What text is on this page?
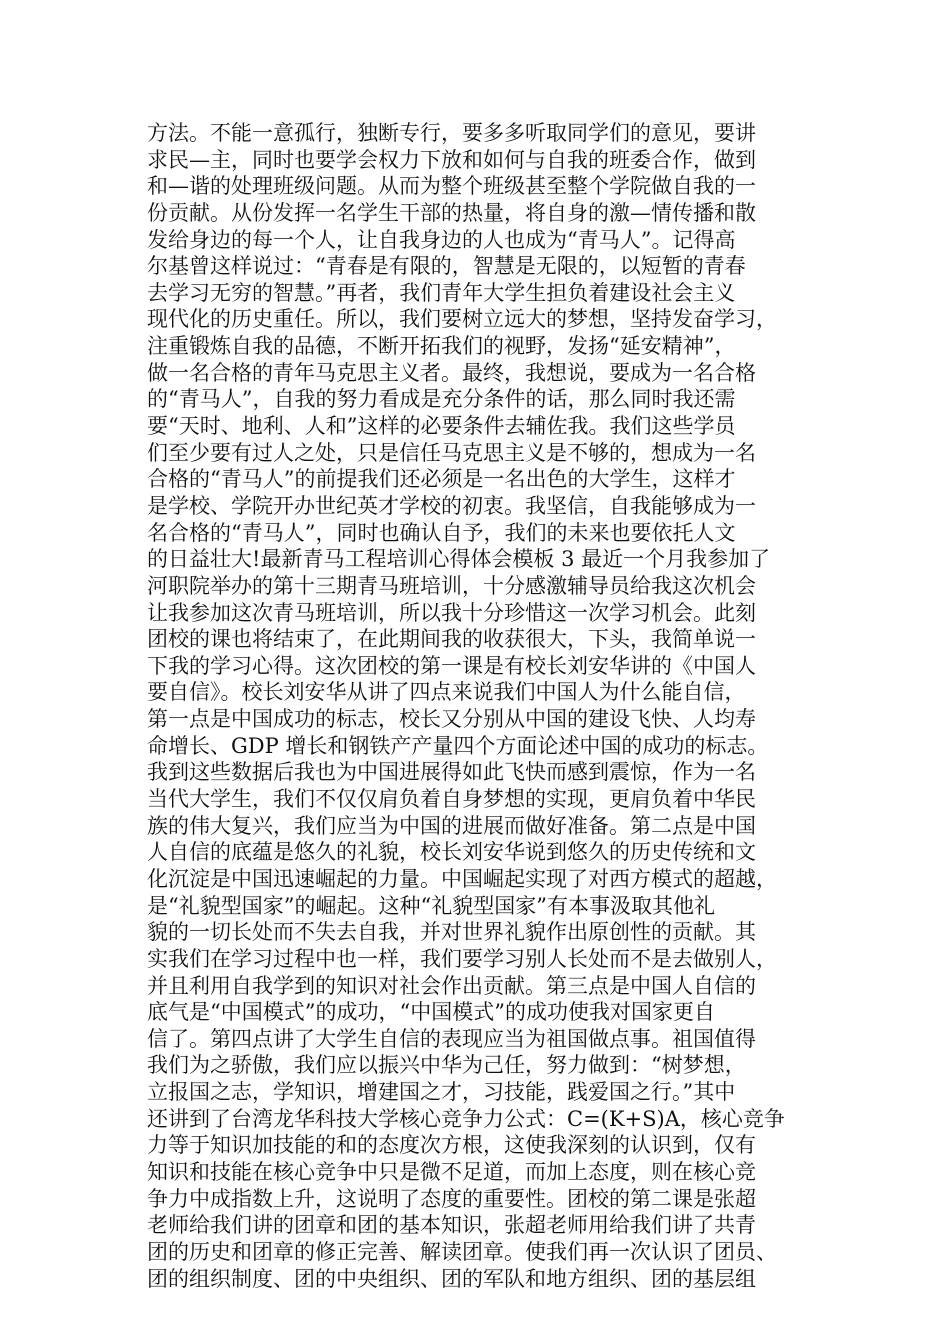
方法。不能一意孤行，独断专行，要多多听取同学们的意见，要讲
求民—主，同时也要学会权力下放和如何与自我的班委合作，做到
和—谐的处理班级问题。从而为整个班级甚至整个学院做自我的一
份贡献。从份发挥一名学生干部的热量，将自身的激—情传播和散
发给身边的每一个人，让自我身边的人也成为“青马人”。记得高
尔基曾这样说过：“青春是有限的，智慧是无限的，以短暂的青春
去学习无穷的智慧。”再者，我们青年大学生担负着建设社会主义
现代化的历史重任。所以，我们要树立远大的梦想，坚持发奋学习，
注重锻炼自我的品德，不断开拓我们的视野，发扬“延安精神”，
做一名合格的青年马克思主义者。最终，我想说，要成为一名合格
的“青马人”，自我的努力看成是充分条件的话，那么同时我还需
要“天时、地利、人和”这样的必要条件去辅佐我。我们这些学员
们至少要有过人之处，只是信任马克思主义是不够的，想成为一名
合格的“青马人”的前提我们还必须是一名出色的大学生，这样才
是学校、学院开办世纪英才学校的初衷。我坚信，自我能够成为一
名合格的“青马人”，同时也确认自予，我们的未来也要依托人文
的日益壮大!最新青马工程培训心得体会模板 3 最近一个月我参加了
河职院举办的第十三期青马班培训，十分感激辅导员给我这次机会
让我参加这次青马班培训，所以我十分珍惜这一次学习机会。此刻
团校的课也将结束了，在此期间我的收获很大，下头，我简单说一
下我的学习心得。这次团校的第一课是有校长刘安华讲的《中国人
要自信》。校长刘安华从讲了四点来说我们中国人为什么能自信，
第一点是中国成功的标志，校长又分别从中国的建设飞快、人均寿
命增长、GDP 增长和钢铁产产量四个方面论述中国的成功的标志。
我到这些数据后我也为中国进展得如此飞快而感到震惊，作为一名
当代大学生，我们不仅仅肩负着自身梦想的实现，更肩负着中华民
族的伟大复兴，我们应当为中国的进展而做好准备。第二点是中国
人自信的底蕴是悠久的礼貌，校长刘安华说到悠久的历史传统和文
化沉淀是中国迅速崛起的力量。中国崛起实现了对西方模式的超越，
是“礼貌型国家”的崛起。这种“礼貌型国家”有本事汲取其他礼
貌的一切长处而不失去自我，并对世界礼貌作出原创性的贡献。其
实我们在学习过程中也一样，我们要学习别人长处而不是去做别人，
并且利用自我学到的知识对社会作出贡献。第三点是中国人自信的
底气是“中国模式”的成功，“中国模式”的成功使我对国家更自
信了。第四点讲了大学生自信的表现应当为祖国做点事。祖国值得
我们为之骄傲，我们应以振兴中华为己任，努力做到：“树梦想，
立报国之志，学知识，增建国之才，习技能，践爱国之行。”其中
还讲到了台湾龙华科技大学核心竞争力公式：C=(K+S)A，核心竞争
力等于知识加技能的和的态度次方根，这使我深刻的认识到，仅有
知识和技能在核心竞争中只是微不足道，而加上态度，则在核心竞
争力中成指数上升，这说明了态度的重要性。团校的第二课是张超
老师给我们讲的团章和团的基本知识，张超老师用给我们讲了共青
团的历史和团章的修正完善、解读团章。使我们再一次认识了团员、
团的组织制度、团的中央组织、团的军队和地方组织、团的基层组
